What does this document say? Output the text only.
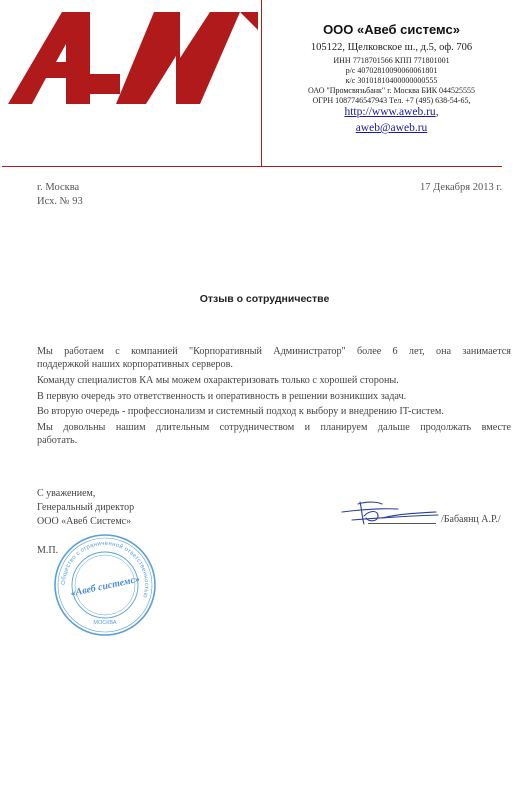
ООО «Авеб системс»
105122, Щелковское ш., д.5, оф. 706
ИНН 7718701566 КПП 771801001
р/с 40702810090060061801
к/с 30101810400000000555
ОАО "Промсвязьбанк" г. Москва БИК 044525555
ОГРН 1087746547943 Тел. +7 (495) 638-54-65,
http://www.aweb.ru,
aweb@aweb.ru
г. Москва
Исх. № 93
17 Декабря 2013 г.
Отзыв о сотрудничестве
Мы работаем с компанией "Корпоративный Администратор" более 6 лет, она занимается
поддержкой наших корпоративных серверов.
Команду специалистов КА мы можем охарактеризовать только с хорошей стороны.
В первую очередь это ответственность и оперативность в решении возникших задач.
Во вторую очередь - профессионализм и системный подход к выбору и внедрению IT-систем.
Мы довольны нашим длительным сотрудничеством и планируем дальше продолжать вместе
работать.
С уважением,
Генеральный директор
ООО «Авеб Системс»
М.П.
/Бабаянц А.Р./
Общество с ограниченной ответственностью
МОСКВА
«Авеб системс»
